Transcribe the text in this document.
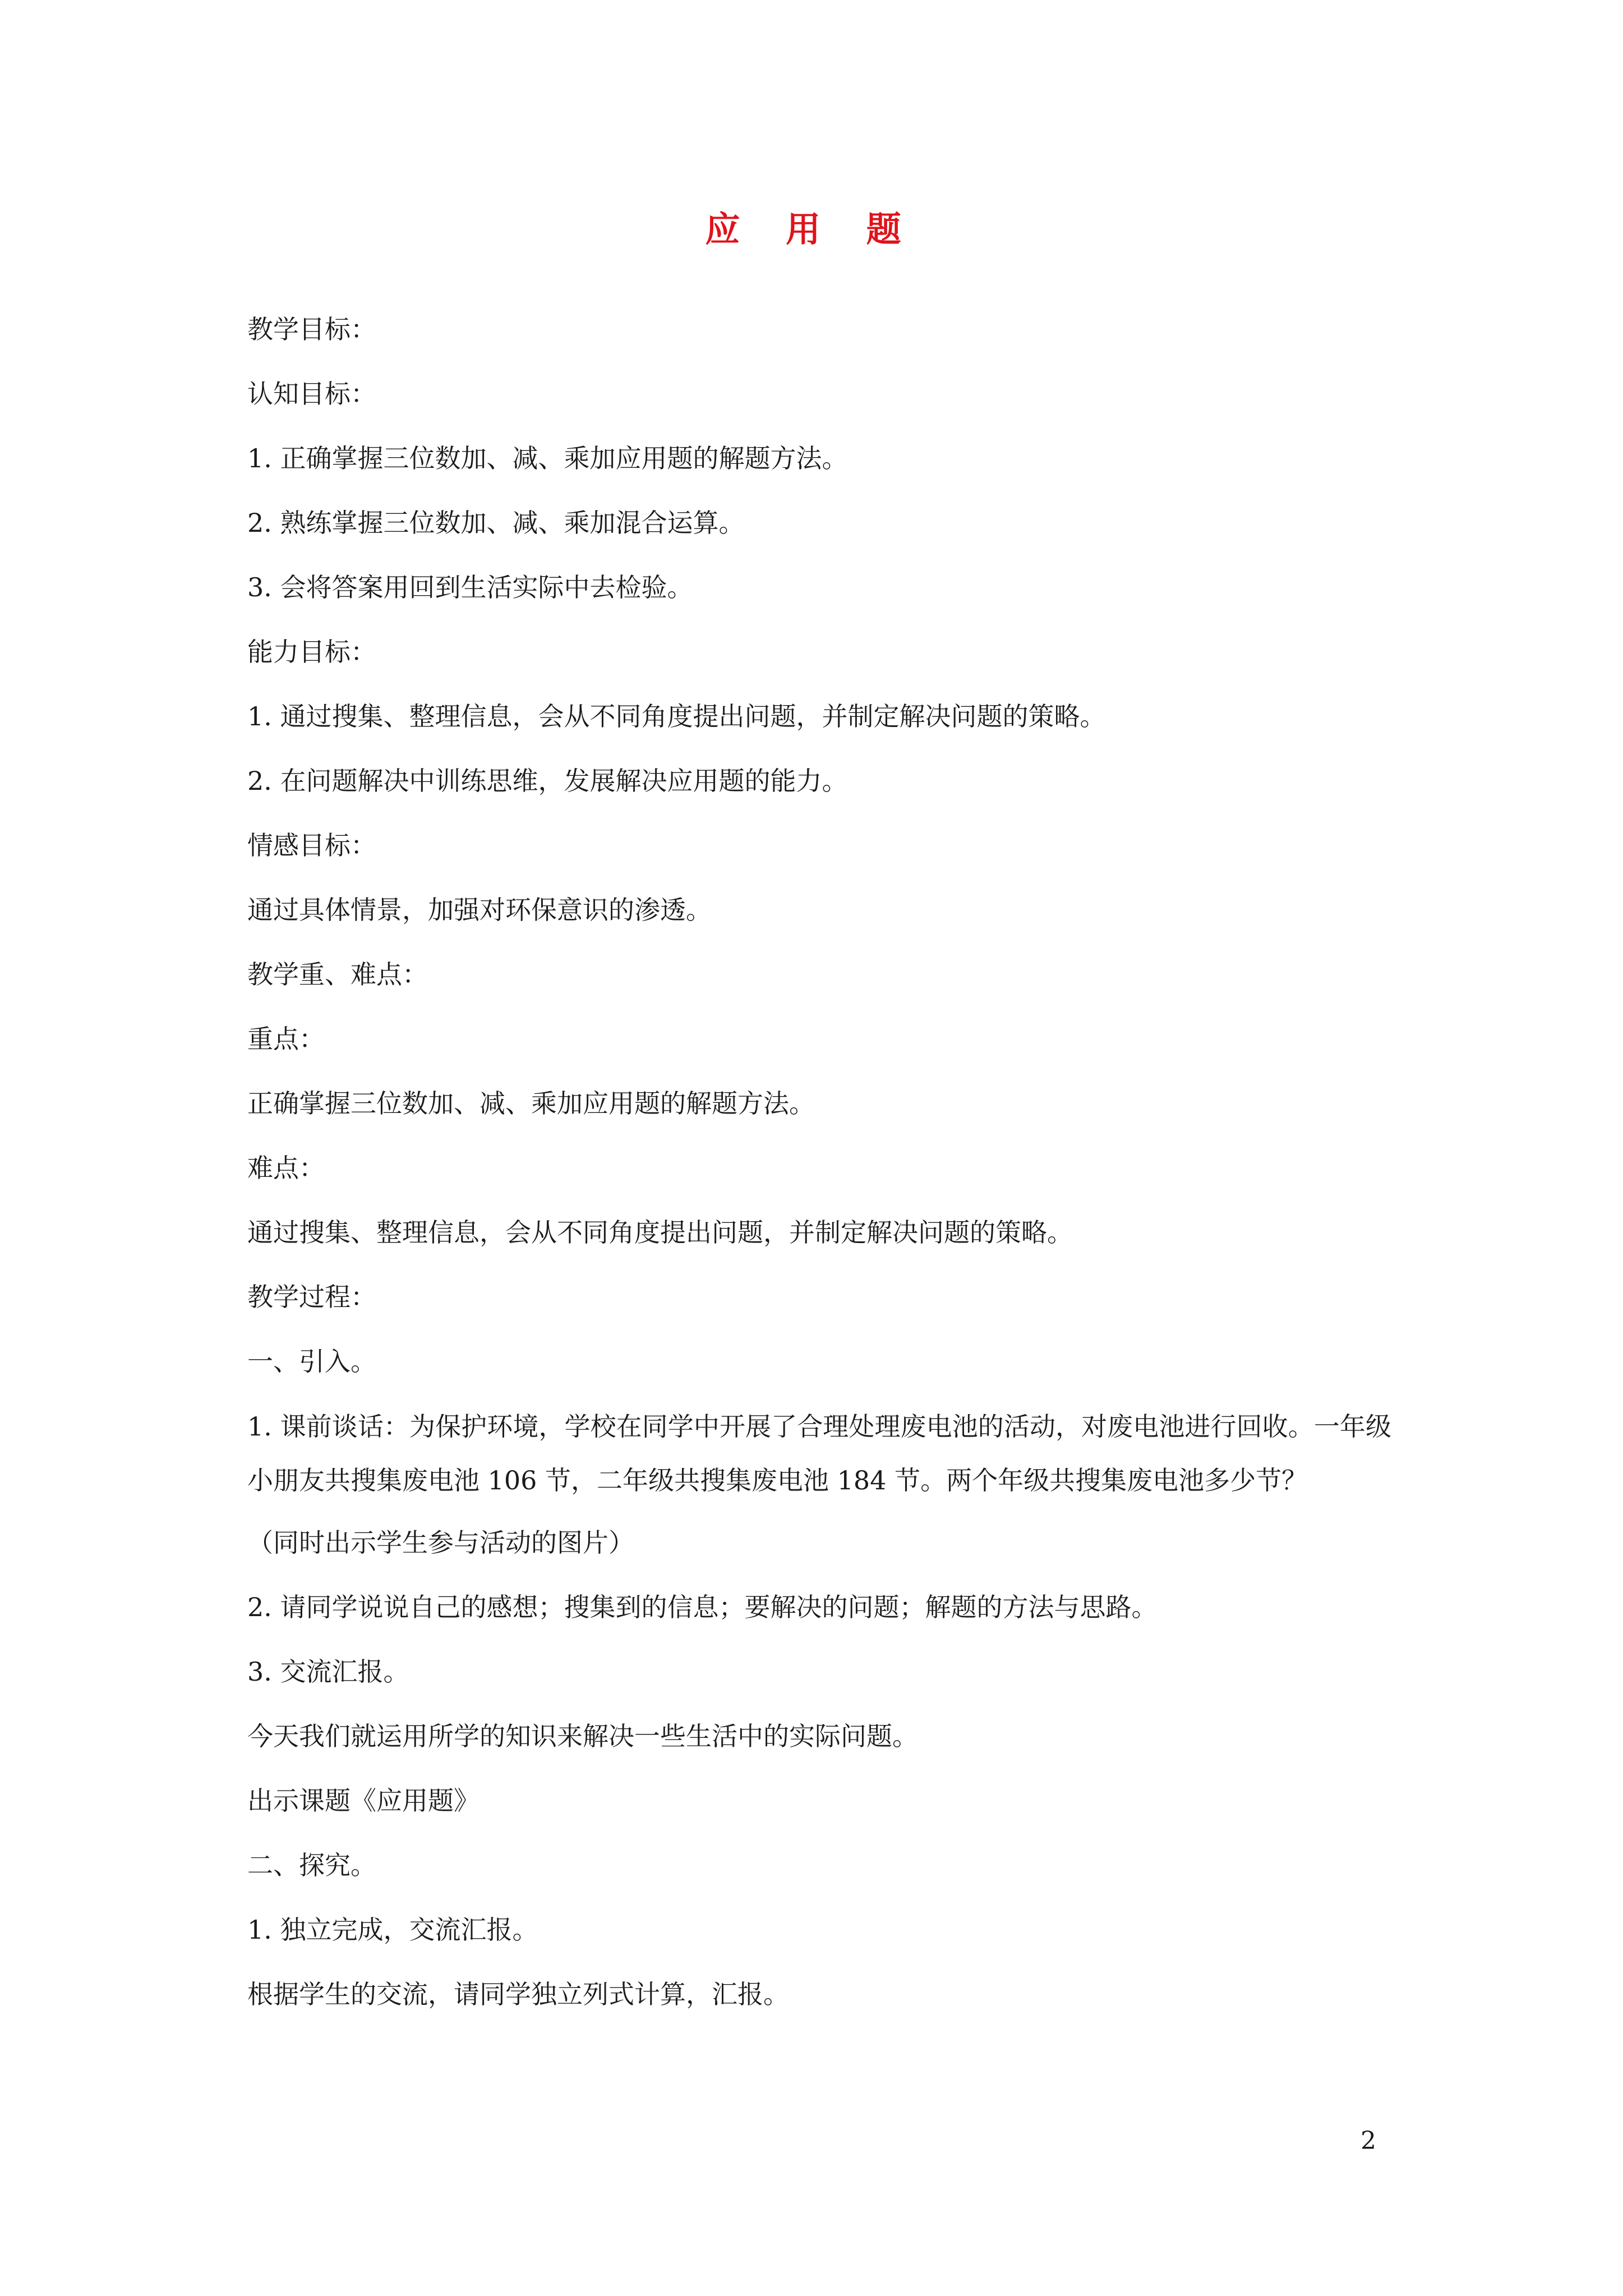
应 用 题
教学目标：
认知目标：
1. 正确掌握三位数加、减、乘加应用题的解题方法。
2. 熟练掌握三位数加、减、乘加混合运算。
3. 会将答案用回到生活实际中去检验。
能力目标：
1. 通过搜集、整理信息，会从不同角度提出问题，并制定解决问题的策略。
2. 在问题解决中训练思维，发展解决应用题的能力。
情感目标：
通过具体情景，加强对环保意识的渗透。
教学重、难点：
重点：
正确掌握三位数加、减、乘加应用题的解题方法。
难点：
通过搜集、整理信息，会从不同角度提出问题，并制定解决问题的策略。
教学过程：
一、引入。
1. 课前谈话：为保护环境，学校在同学中开展了合理处理废电池的活动，对废电池进行回收。一年级小朋友共搜集废电池 106 节，二年级共搜集废电池 184 节。两个年级共搜集废电池多少节？
（同时出示学生参与活动的图片）
2. 请同学说说自己的感想；搜集到的信息；要解决的问题；解题的方法与思路。
3. 交流汇报。
今天我们就运用所学的知识来解决一些生活中的实际问题。
出示课题《应用题》
二、探究。
1. 独立完成，交流汇报。
根据学生的交流，请同学独立列式计算，汇报。
2
